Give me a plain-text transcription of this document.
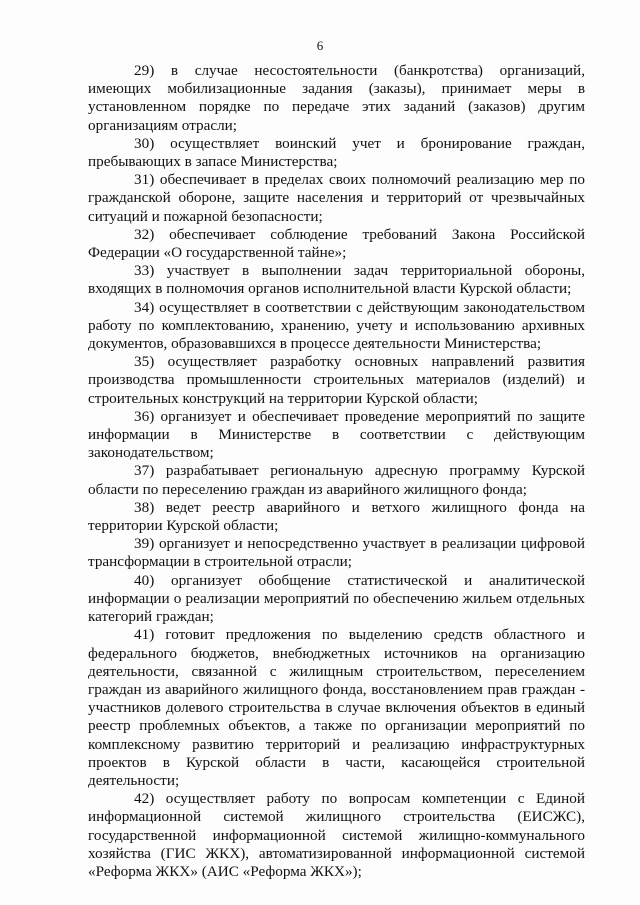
6

29) в случае несостоятельности (банкротства) организаций, имеющих мобилизационные задания (заказы), принимает меры в установленном порядке по передаче этих заданий (заказов) другим организациям отрасли;

30) осуществляет воинский учет и бронирование граждан, пребывающих в запасе Министерства;

31) обеспечивает в пределах своих полномочий реализацию мер по гражданской обороне, защите населения и территорий от чрезвычайных ситуаций и пожарной безопасности;

32) обеспечивает соблюдение требований Закона Российской Федерации «О государственной тайне»;

33) участвует в выполнении задач территориальной обороны, входящих в полномочия органов исполнительной власти Курской области;

34) осуществляет в соответствии с действующим законодательством работу по комплектованию, хранению, учету и использованию архивных документов, образовавшихся в процессе деятельности Министерства;

35) осуществляет разработку основных направлений развития производства промышленности строительных материалов (изделий) и строительных конструкций на территории Курской области;

36) организует и обеспечивает проведение мероприятий по защите информации в Министерстве в соответствии с действующим законодательством;

37) разрабатывает региональную адресную программу Курской области по переселению граждан из аварийного жилищного фонда;

38) ведет реестр аварийного и ветхого жилищного фонда на территории Курской области;

39) организует и непосредственно участвует в реализации цифровой трансформации в строительной отрасли;

40) организует обобщение статистической и аналитической информации о реализации мероприятий по обеспечению жильем отдельных категорий граждан;

41) готовит предложения по выделению средств областного и федерального бюджетов, внебюджетных источников на организацию деятельности, связанной с жилищным строительством, переселением граждан из аварийного жилищного фонда, восстановлением прав граждан - участников долевого строительства в случае включения объектов в единый реестр проблемных объектов, а также по организации мероприятий по комплексному развитию территорий и реализацию инфраструктурных проектов в Курской области в части, касающейся строительной деятельности;

42) осуществляет работу по вопросам компетенции с Единой информационной системой жилищного строительства (ЕИСЖС), государственной информационной системой жилищно-коммунального хозяйства (ГИС ЖКХ), автоматизированной информационной системой «Реформа ЖКХ» (АИС «Реформа ЖКХ»);
